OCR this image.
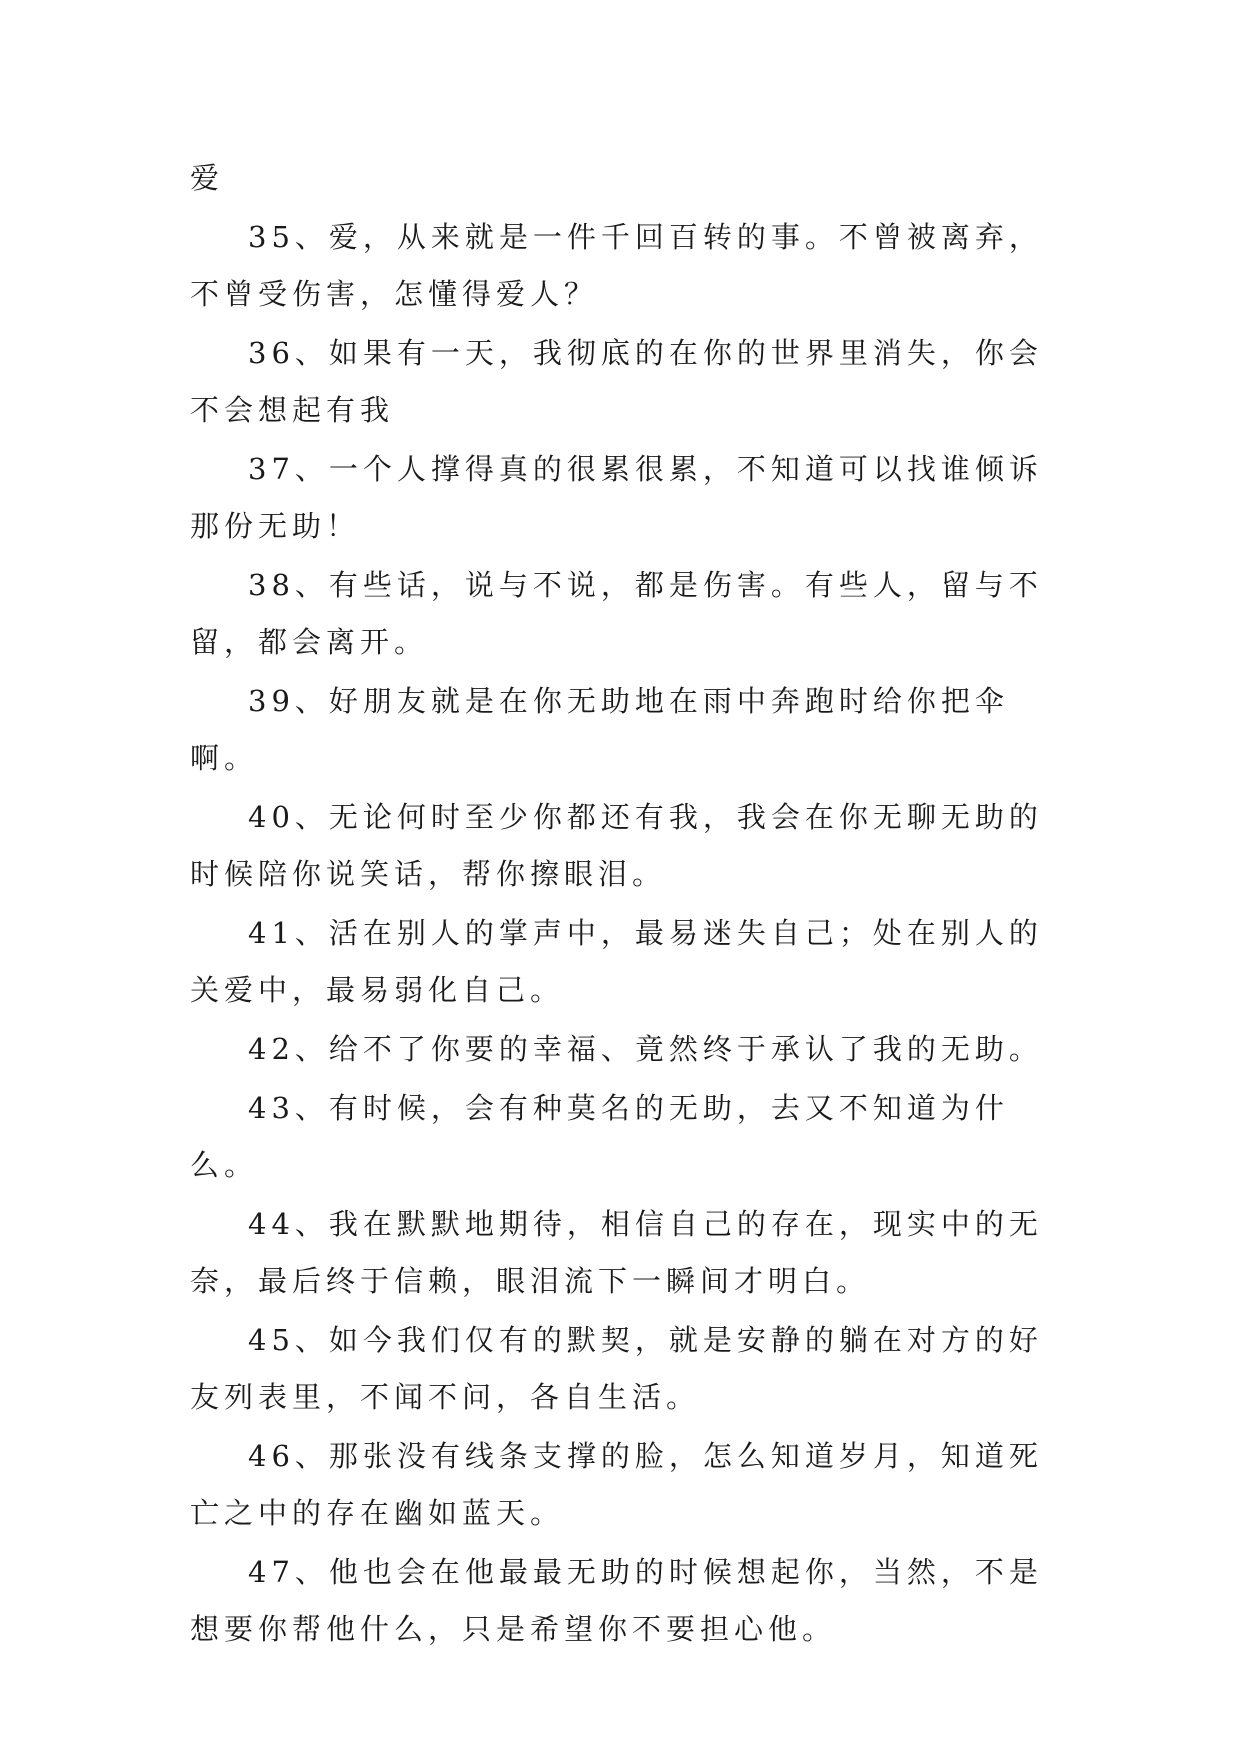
爱

35、爱，从来就是一件千回百转的事。不曾被离弃，不曾受伤害，怎懂得爱人？

36、如果有一天，我彻底的在你的世界里消失，你会不会想起有我

37、一个人撑得真的很累很累，不知道可以找谁倾诉那份无助！

38、有些话，说与不说，都是伤害。有些人，留与不留，都会离开。

39、好朋友就是在你无助地在雨中奔跑时给你把伞啊。

40、无论何时至少你都还有我，我会在你无聊无助的时候陪你说笑话，帮你擦眼泪。

41、活在别人的掌声中，最易迷失自己；处在别人的关爱中，最易弱化自己。

42、给不了你要的幸福、竟然终于承认了我的无助。

43、有时候，会有种莫名的无助，去又不知道为什么。

44、我在默默地期待，相信自己的存在，现实中的无奈，最后终于信赖，眼泪流下一瞬间才明白。

45、如今我们仅有的默契，就是安静的躺在对方的好友列表里，不闻不问，各自生活。

46、那张没有线条支撑的脸，怎么知道岁月，知道死亡之中的存在幽如蓝天。

47、他也会在他最最无助的时候想起你，当然，不是想要你帮他什么，只是希望你不要担心他。
